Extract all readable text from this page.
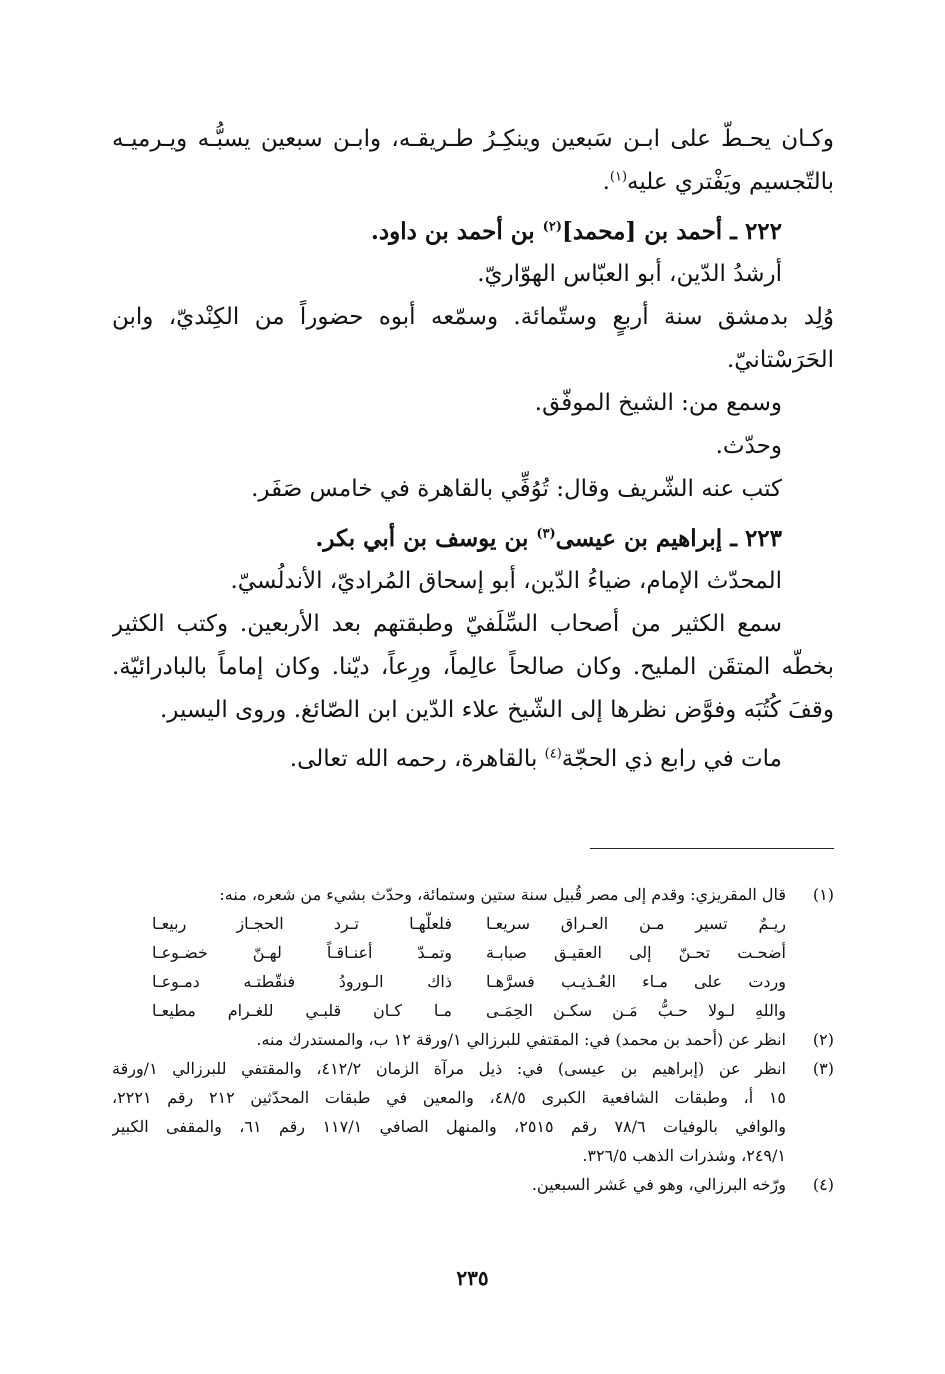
وكـان يحـطّ على ابـن سَبعين وينكِـرُ طـريقـه، وابـن سبعين يسبُّـه ويـرميـه
بالتّجسيم ويَفْتري عليه$^{(١)}$.
٢٢٢ ـ أحمد بن [محمد]$^{(٢)}$ بن أحمد بن داود.
أرشدُ الدّين، أبو العبّاس الهوّاريّ.
وُلِد بدمشق سنة أربعٍ وستّمائة. وسمّعه أبوه حضوراً من الكِنْديّ، وابن
الحَرَسْتانيّ.
وسمع من: الشيخ الموفّق.
وحدّث.
كتب عنه الشّريف وقال: تُوُفِّي بالقاهرة في خامس صَفَر.
٢٢٣ ـ إبراهيم بن عيسى$^{(٣)}$ بن يوسف بن أبي بكر.
المحدّث الإمام، ضياءُ الدّين، أبو إسحاق المُراديّ، الأندلُسيّ.
سمع الكثير من أصحاب السِّلَفيّ وطبقتهم بعد الأربعين. وكتب الكثير
بخطّه المتقَن المليح. وكان صالحاً عالِماً، ورِعاً، ديّنا. وكان إماماً بالبادرائيّة.
وقفَ كُتُبَه وفوَّض نظرها إلى الشّيخ علاء الدّين ابن الصّائغ. وروى اليسير.
مات في رابع ذي الحجّة$^{(٤)}$ بالقاهرة، رحمه الله تعالى.
(١)
قال المقريزي: وقدم إلى مصر قُبيل سنة ستين وستمائة، وحدّث بشيء من شعره، منه:
ريـمٌ تسير مـن العـراق سريعـا
فلعلّهـا تـرد الحجـاز ربيعـا
أضحـت تحـنّ إلى العقيـق صبابـة
وتمـدّ أعنـاقـاً لهـنّ خضـوعـا
وردت على مـاء العُـذيـب فسرَّهـا
ذاك الـورودُ فنقّطتـه دمـوعـا
واللهِ لـولا حـبُّ مَـن سكـن الحِمَـى
مـا كـان قلبـي للغـرام مطيعـا
(٢)
انظر عن (أحمد بن محمد) في: المقتفي للبرزالي ١/ورقة ١٢ ب، والمستدرك منه.
(٣)
انظر عن (إبراهيم بن عيسى) في: ذيل مرآة الزمان ٤١٢/٢، والمقتفي للبرزالي ١/ورقة
١٥ أ، وطبقات الشافعية الكبرى ٤٨/٥، والمعين في طبقات المحدّثين ٢١٢ رقم ٢٢٢١،
والوافي بالوفيات ٧٨/٦ رقم ٢٥١٥، والمنهل الصافي ١١٧/١ رقم ٦١، والمقفى الكبير
٢٤٩/١، وشذرات الذهب ٣٢٦/٥.
(٤)
ورّخه البرزالي، وهو في عَشر السبعين.
٢٣٥
